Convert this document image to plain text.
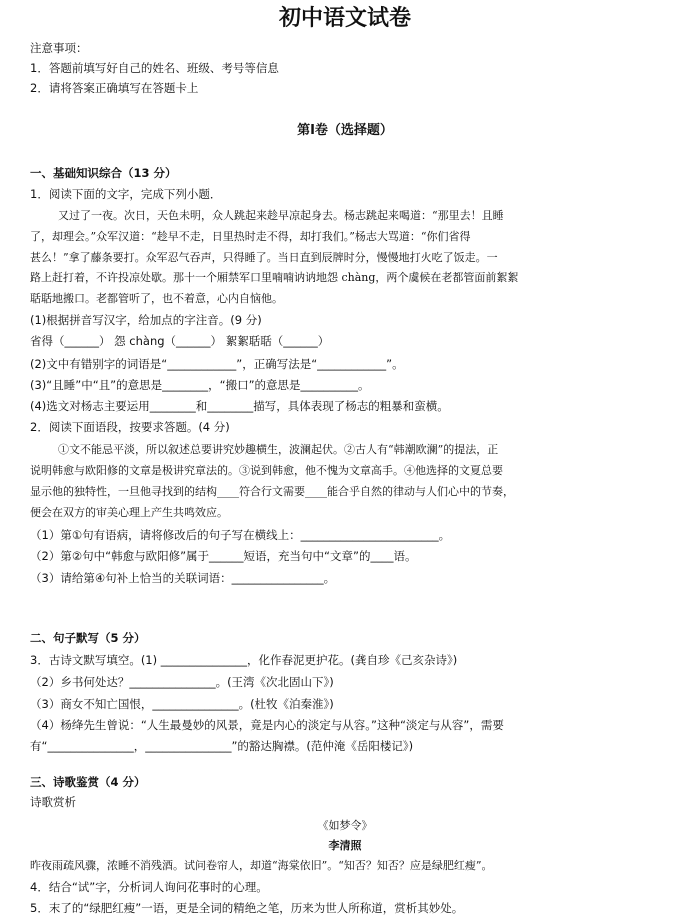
初中语文试卷
注意事项：
1．答题前填写好自己的姓名、班级、考号等信息
2．请将答案正确填写在答题卡上
第I卷（选择题）
一、基础知识综合（13 分）
1．阅读下面的文字，完成下列小题．
又过了一夜。次日，天色未明，众人跳起来趁早凉起身去。杨志跳起来喝道：“那里去！且睡
了，却理会。”众军汉道：“趁早不走，日里热时走不得，却打我们。”杨志大骂道：“你们省得
甚么！”拿了藤条要打。众军忍气吞声，只得睡了。当日直到辰牌时分，慢慢地打火吃了饭走。一
路上赶打着，不许投凉处歇。那十一个厢禁军口里喃喃讷讷地怨 chàng，两个虞候在老都管面前絮絮
聒聒地搬口。老都管听了，也不着意，心内自恼他。
(1)根据拼音写汉字，给加点的字注音。(9 分)
省得（______） 怨 chàng（______） 絮絮聒聒（______）
(2)文中有错别字的词语是“____________”，正确写法是“____________”。
(3)“且睡”中“且”的意思是________，“搬口”的意思是__________。
(4)选文对杨志主要运用________和________描写，具体表现了杨志的粗暴和蛮横。
2．阅读下面语段，按要求答题。(4 分)
①文不能忌平淡，所以叙述总要讲究妙趣横生，波澜起伏。②古人有“韩潮欧澜”的提法，正
说明韩愈与欧阳修的文章是极讲究章法的。③说到韩愈，他不愧为文章高手。④他选择的文夏总要
显示他的独特性，一旦他寻找到的结构____符合行文需要____能合乎自然的律动与人们心中的节奏，
便会在双方的审美心理上产生共鸣效应。
（1）第①句有语病，请将修改后的句子写在横线上：________________________。
（2）第②句中“韩愈与欧阳修”属于______短语，充当句中“文章”的____语。
（3）请给第④句补上恰当的关联词语：________________。
二、句子默写（5 分）
3．古诗文默写填空。(1) _______________，化作春泥更护花。(龚自珍《己亥杂诗》)
（2）乡书何处达？_______________。(王湾《次北固山下》)
（3）商女不知亡国恨，_______________。(杜牧《泊秦淮》)
（4）杨绛先生曾说：“人生最曼妙的风景，竟是内心的淡定与从容。”这种“淡定与从容”，需要
有“_______________，_______________”的豁达胸襟。(范仲淹《岳阳楼记》)
三、诗歌鉴赏（4 分）
诗歌赏析
《如梦令》
李清照
昨夜雨疏风骤，浓睡不消残酒。试问卷帘人，却道“海棠依旧”。“知否？知否？应是绿肥红瘦”。
4．结合“试”字，分析词人询问花事时的心理。
5．末了的“绿肥红瘦”一语，更是全词的精绝之笔，历来为世人所称道，赏析其妙处。
